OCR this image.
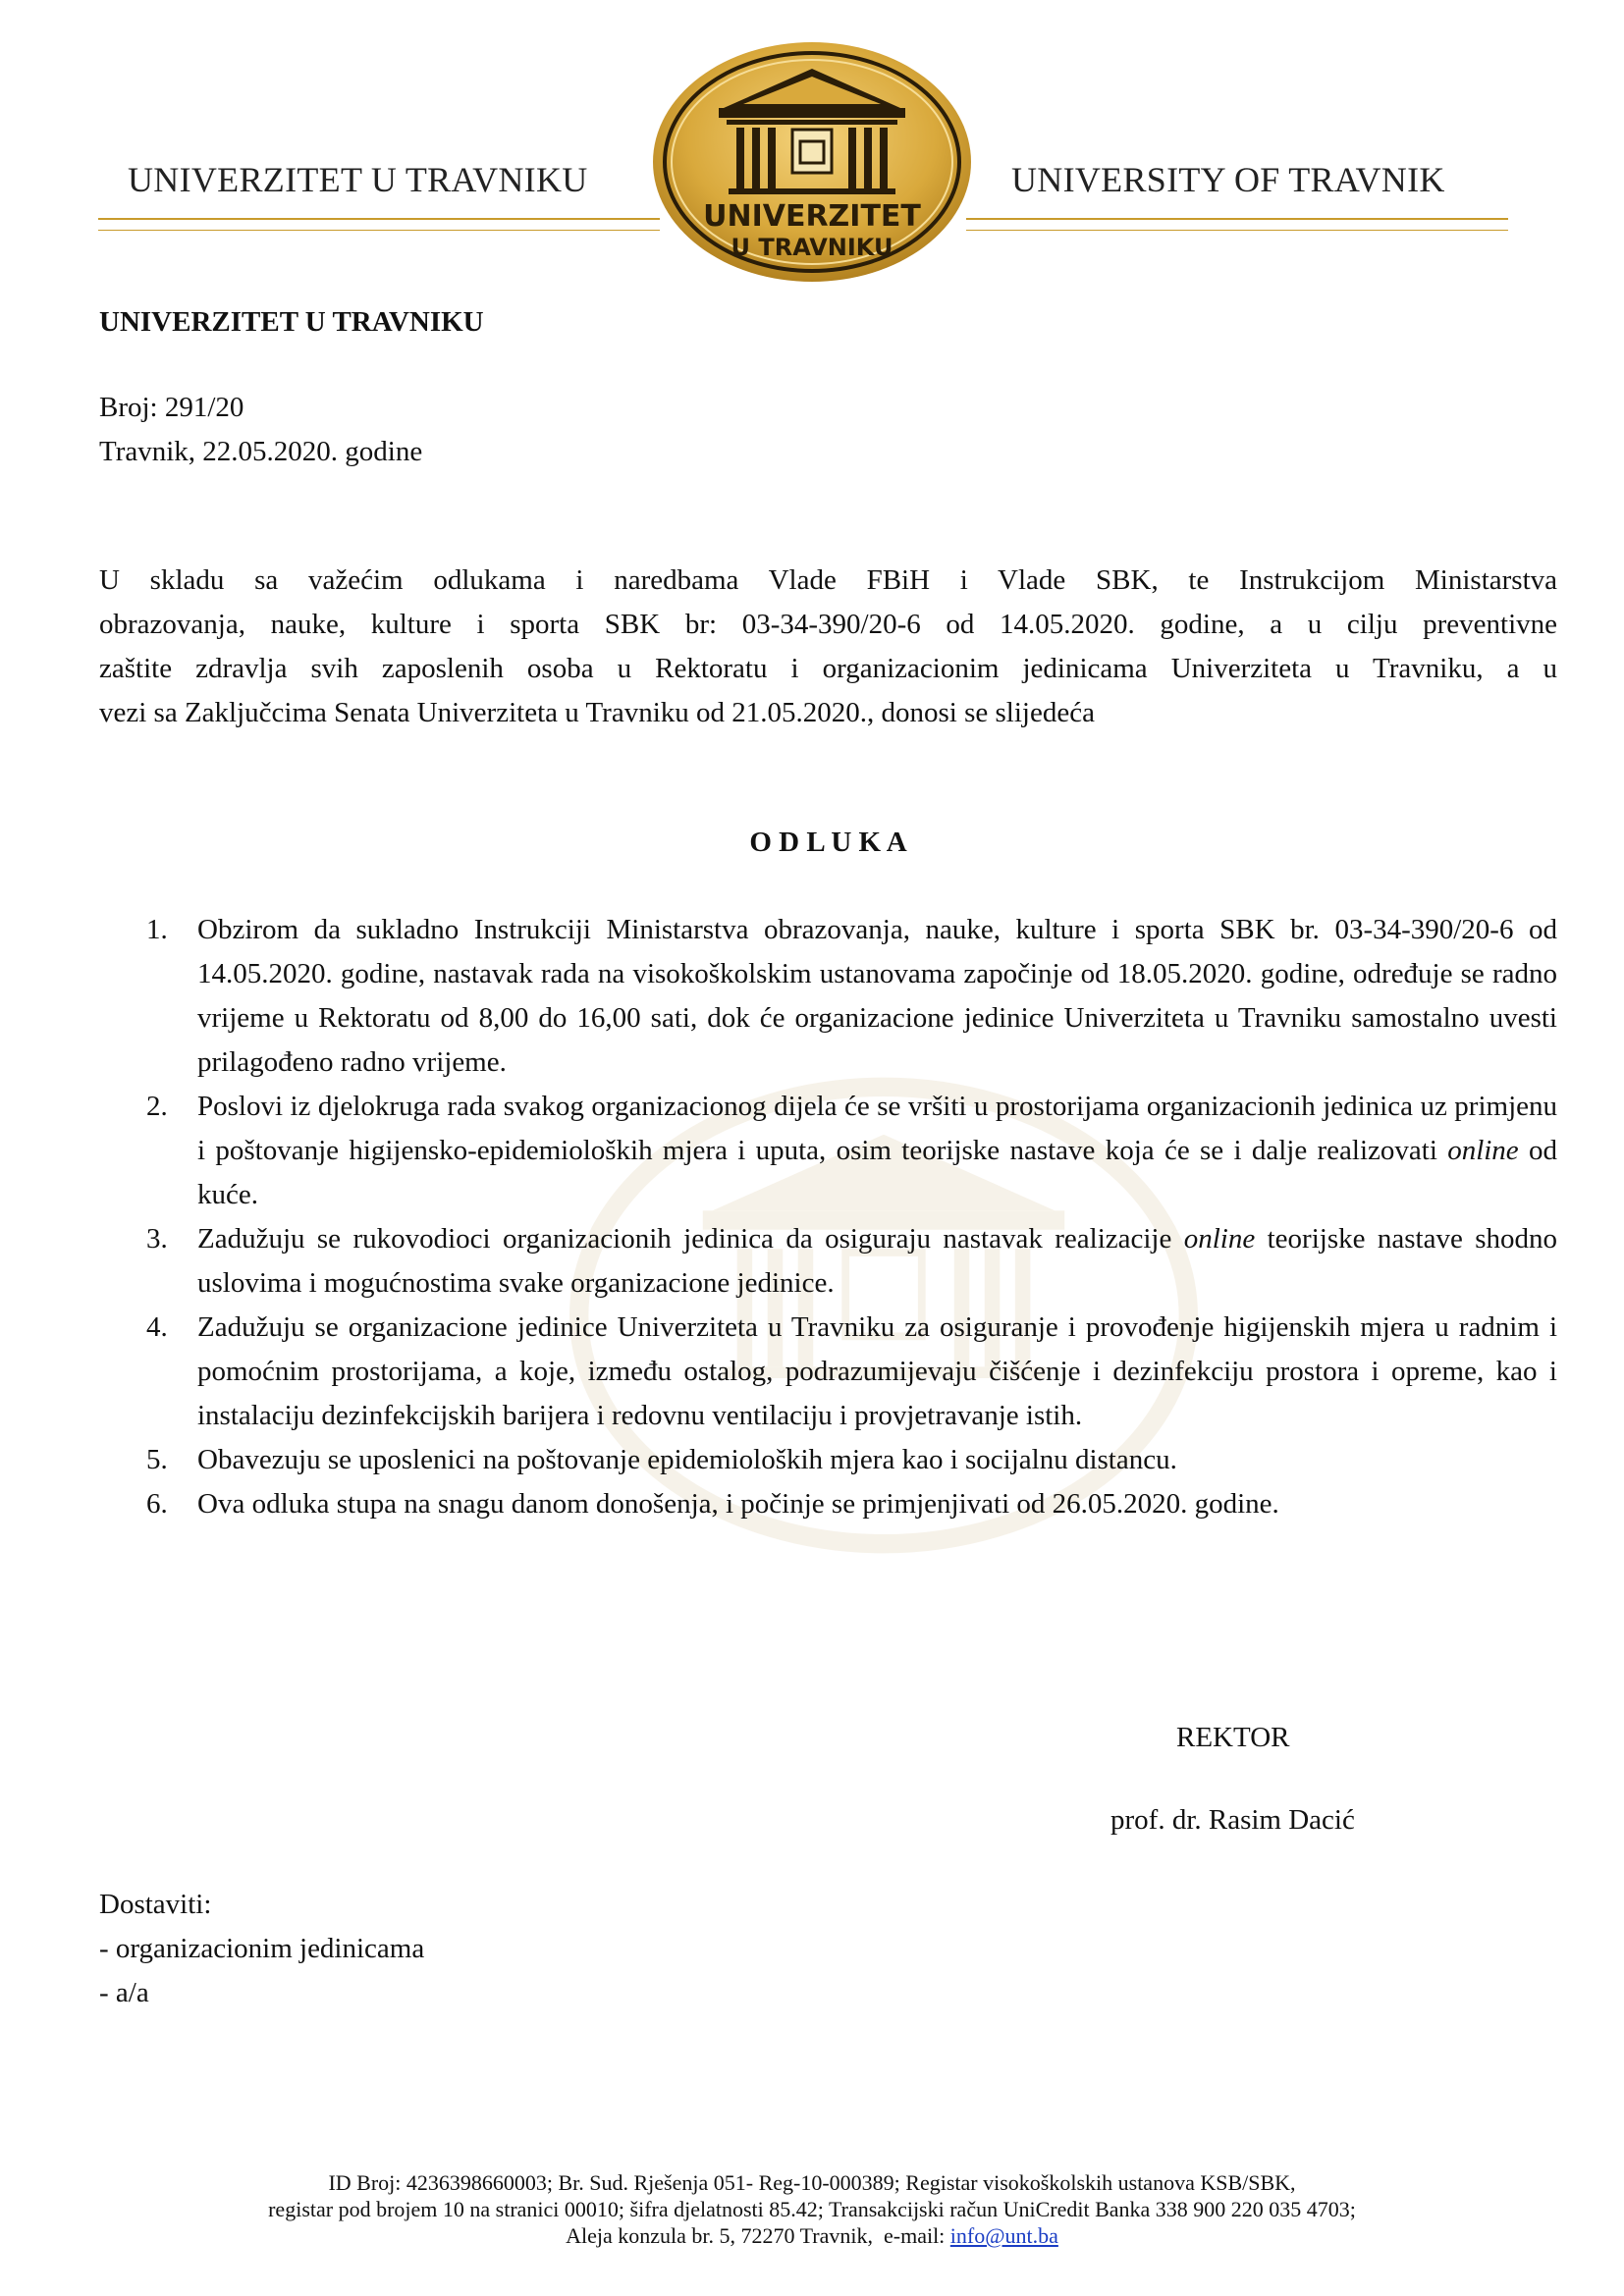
UNIVERZITET U TRAVNIKU	UNIVERSITY OF TRAVNIK
UNIVERZITET
U TRAVNIKU
UNIVERZITET U TRAVNIKU
Broj: 291/20
Travnik, 22.05.2020. godine
U skladu sa važećim odlukama i naredbama Vlade FBiH i Vlade SBK, te Instrukcijom Ministarstva
obrazovanja, nauke, kulture i sporta SBK br: 03-34-390/20-6 od 14.05.2020. godine, a u cilju preventivne
zaštite zdravlja svih zaposlenih osoba u Rektoratu i organizacionim jedinicama Univerziteta u Travniku, a u
vezi sa Zaključcima Senata Univerziteta u Travniku od 21.05.2020., donosi se slijedeća
O D L U K A
1. Obzirom da sukladno Instrukciji Ministarstva obrazovanja, nauke, kulture i sporta SBK br. 03-34-390/20-6 od 14.05.2020. godine, nastavak rada na visokoškolskim ustanovama započinje od 18.05.2020. godine, određuje se radno vrijeme u Rektoratu od 8,00 do 16,00 sati, dok će organizacione jedinice Univerziteta u Travniku samostalno uvesti prilagođeno radno vrijeme.
2. Poslovi iz djelokruga rada svakog organizacionog dijela će se vršiti u prostorijama organizacionih jedinica uz primjenu i poštovanje higijensko-epidemioloških mjera i uputa, osim teorijske nastave koja će se i dalje realizovati online od kuće.
3. Zadužuju se rukovodioci organizacionih jedinica da osiguraju nastavak realizacije online teorijske nastave shodno uslovima i mogućnostima svake organizacione jedinice.
4. Zadužuju se organizacione jedinice Univerziteta u Travniku za osiguranje i provođenje higijenskih mjera u radnim i pomoćnim prostorijama, a koje, između ostalog, podrazumijevaju čišćenje i dezinfekciju prostora i opreme, kao i instalaciju dezinfekcijskih barijera i redovnu ventilaciju i provjetravanje istih.
5. Obavezuju se uposlenici na poštovanje epidemioloških mjera kao i socijalnu distancu.
6. Ova odluka stupa na snagu danom donošenja, i počinje se primjenjivati od 26.05.2020. godine.
REKTOR
prof. dr. Rasim Dacić
Dostaviti:
- organizacionim jedinicama
- a/a
ID Broj: 4236398660003; Br. Sud. Rješenja 051- Reg-10-000389; Registar visokoškolskih ustanova KSB/SBK,
registar pod brojem 10 na stranici 00010; šifra djelatnosti 85.42; Transakcijski račun UniCredit Banka 338 900 220 035 4703;
Aleja konzula br. 5, 72270 Travnik,  e-mail: info@unt.ba
